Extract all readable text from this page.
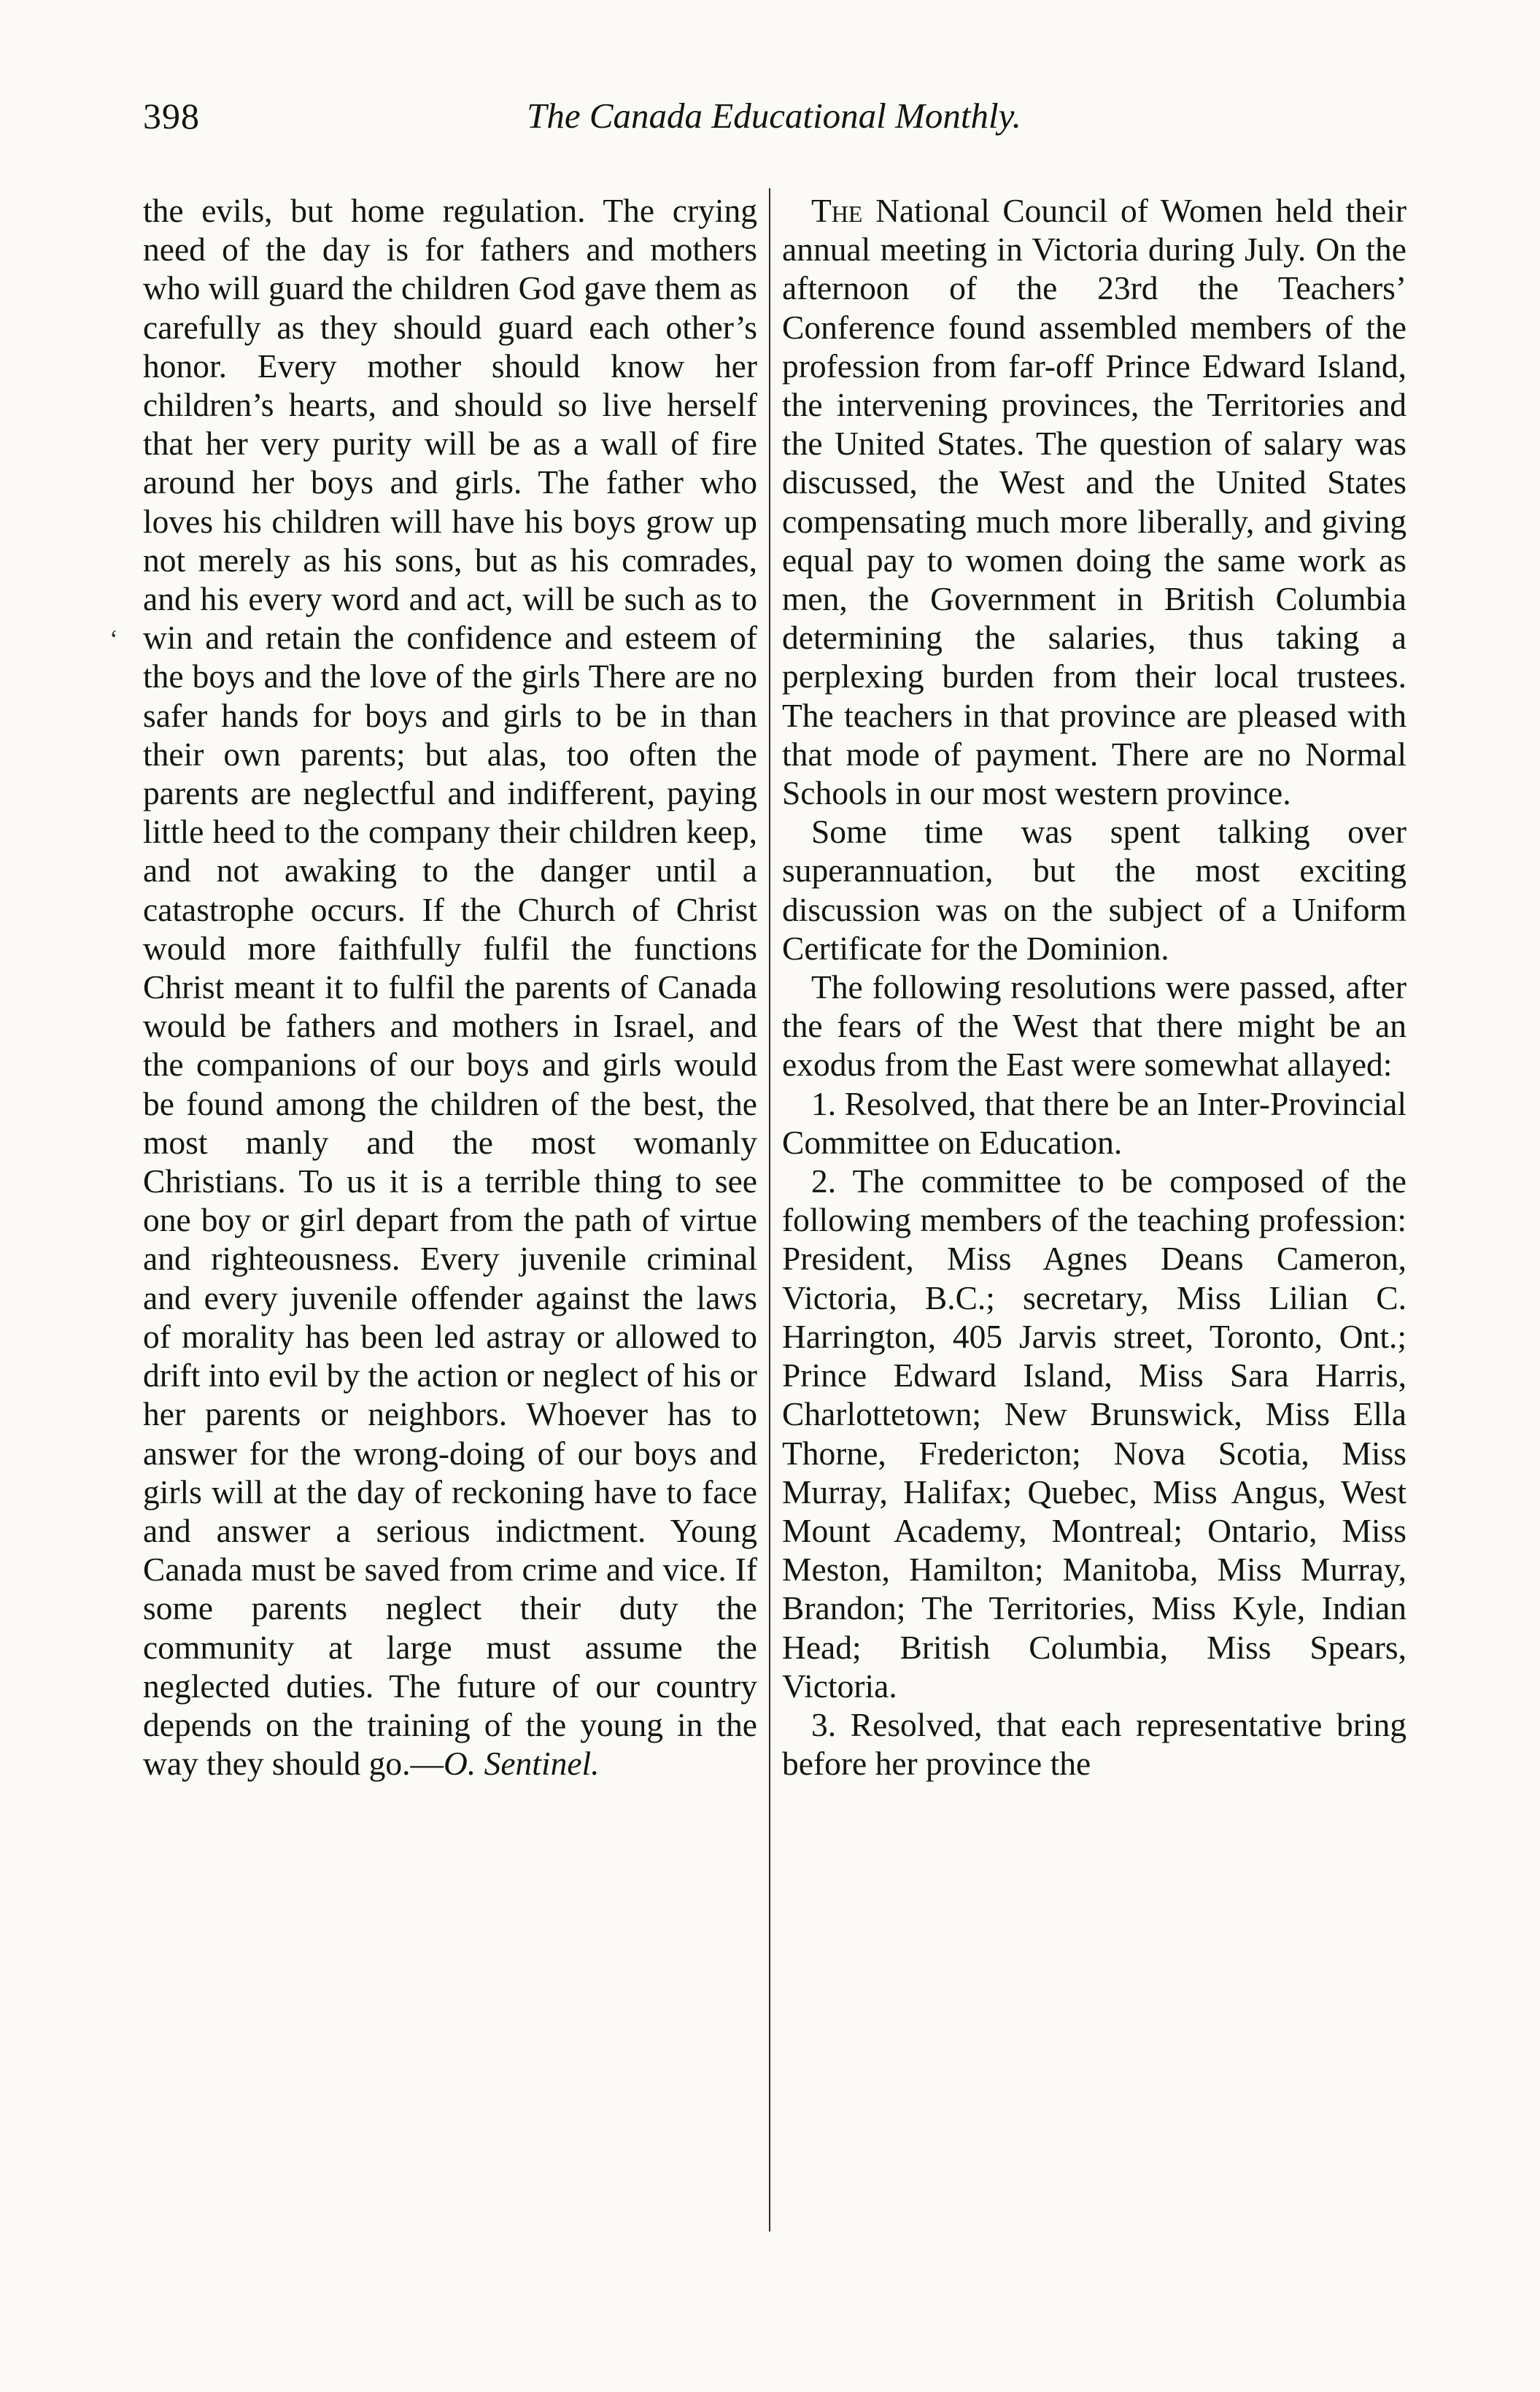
398	The Canada Educational Monthly.

the evils, but home regulation. The crying need of the day is for fathers and mothers who will guard the children God gave them as carefully as they should guard each other’s honor. Every mother should know her children’s hearts, and should so live herself that her very purity will be as a wall of fire around her boys and girls. The father who loves his children will have his boys grow up not merely as his sons, but as his comrades, and his every word and act, will be such as to win and retain the confidence and esteem of the boys and the love of the girls There are no safer hands for boys and girls to be in than their own parents; but alas, too often the parents are neglectful and indifferent, paying little heed to the company their children keep, and not awaking to the danger until a catastrophe occurs. If the Church of Christ would more faithfully fulfil the functions Christ meant it to fulfil the parents of Canada would be fathers and mothers in Israel, and the companions of our boys and girls would be found among the children of the best, the most manly and the most womanly Christians. To us it is a terrible thing to see one boy or girl depart from the path of virtue and righteousness. Every juvenile criminal and every juvenile offender against the laws of morality has been led astray or allowed to drift into evil by the action or neglect of his or her parents or neighbors. Whoever has to answer for the wrong-doing of our boys and girls will at the day of reckoning have to face and answer a serious indictment. Young Canada must be saved from crime and vice. If some parents neglect their duty the community at large must assume the neglected duties. The future of our country depends on the training of the young in the way they should go.—O. Sentinel.

The National Council of Women held their annual meeting in Victoria during July. On the afternoon of the 23rd the Teachers’ Conference found assembled members of the profession from far-off Prince Edward Island, the intervening provinces, the Territories and the United States. The question of salary was discussed, the West and the United States compensating much more liberally, and giving equal pay to women doing the same work as men, the Government in British Columbia determining the salaries, thus taking a perplexing burden from their local trustees. The teachers in that province are pleased with that mode of payment. There are no Normal Schools in our most western province.

Some time was spent talking over superannuation, but the most exciting discussion was on the subject of a Uniform Certificate for the Dominion.

The following resolutions were passed, after the fears of the West that there might be an exodus from the East were somewhat allayed:

1. Resolved, that there be an Inter-Provincial Committee on Education.

2. The committee to be composed of the following members of the teaching profession: President, Miss Agnes Deans Cameron, Victoria, B.C.; secretary, Miss Lilian C. Harrington, 405 Jarvis street, Toronto, Ont.; Prince Edward Island, Miss Sara Harris, Charlottetown; New Brunswick, Miss Ella Thorne, Fredericton; Nova Scotia, Miss Murray, Halifax; Quebec, Miss Angus, West Mount Academy, Montreal; Ontario, Miss Meston, Hamilton; Manitoba, Miss Murray, Brandon; The Territories, Miss Kyle, Indian Head; British Columbia, Miss Spears, Victoria.

3. Resolved, that each representative bring before her province the

‘
